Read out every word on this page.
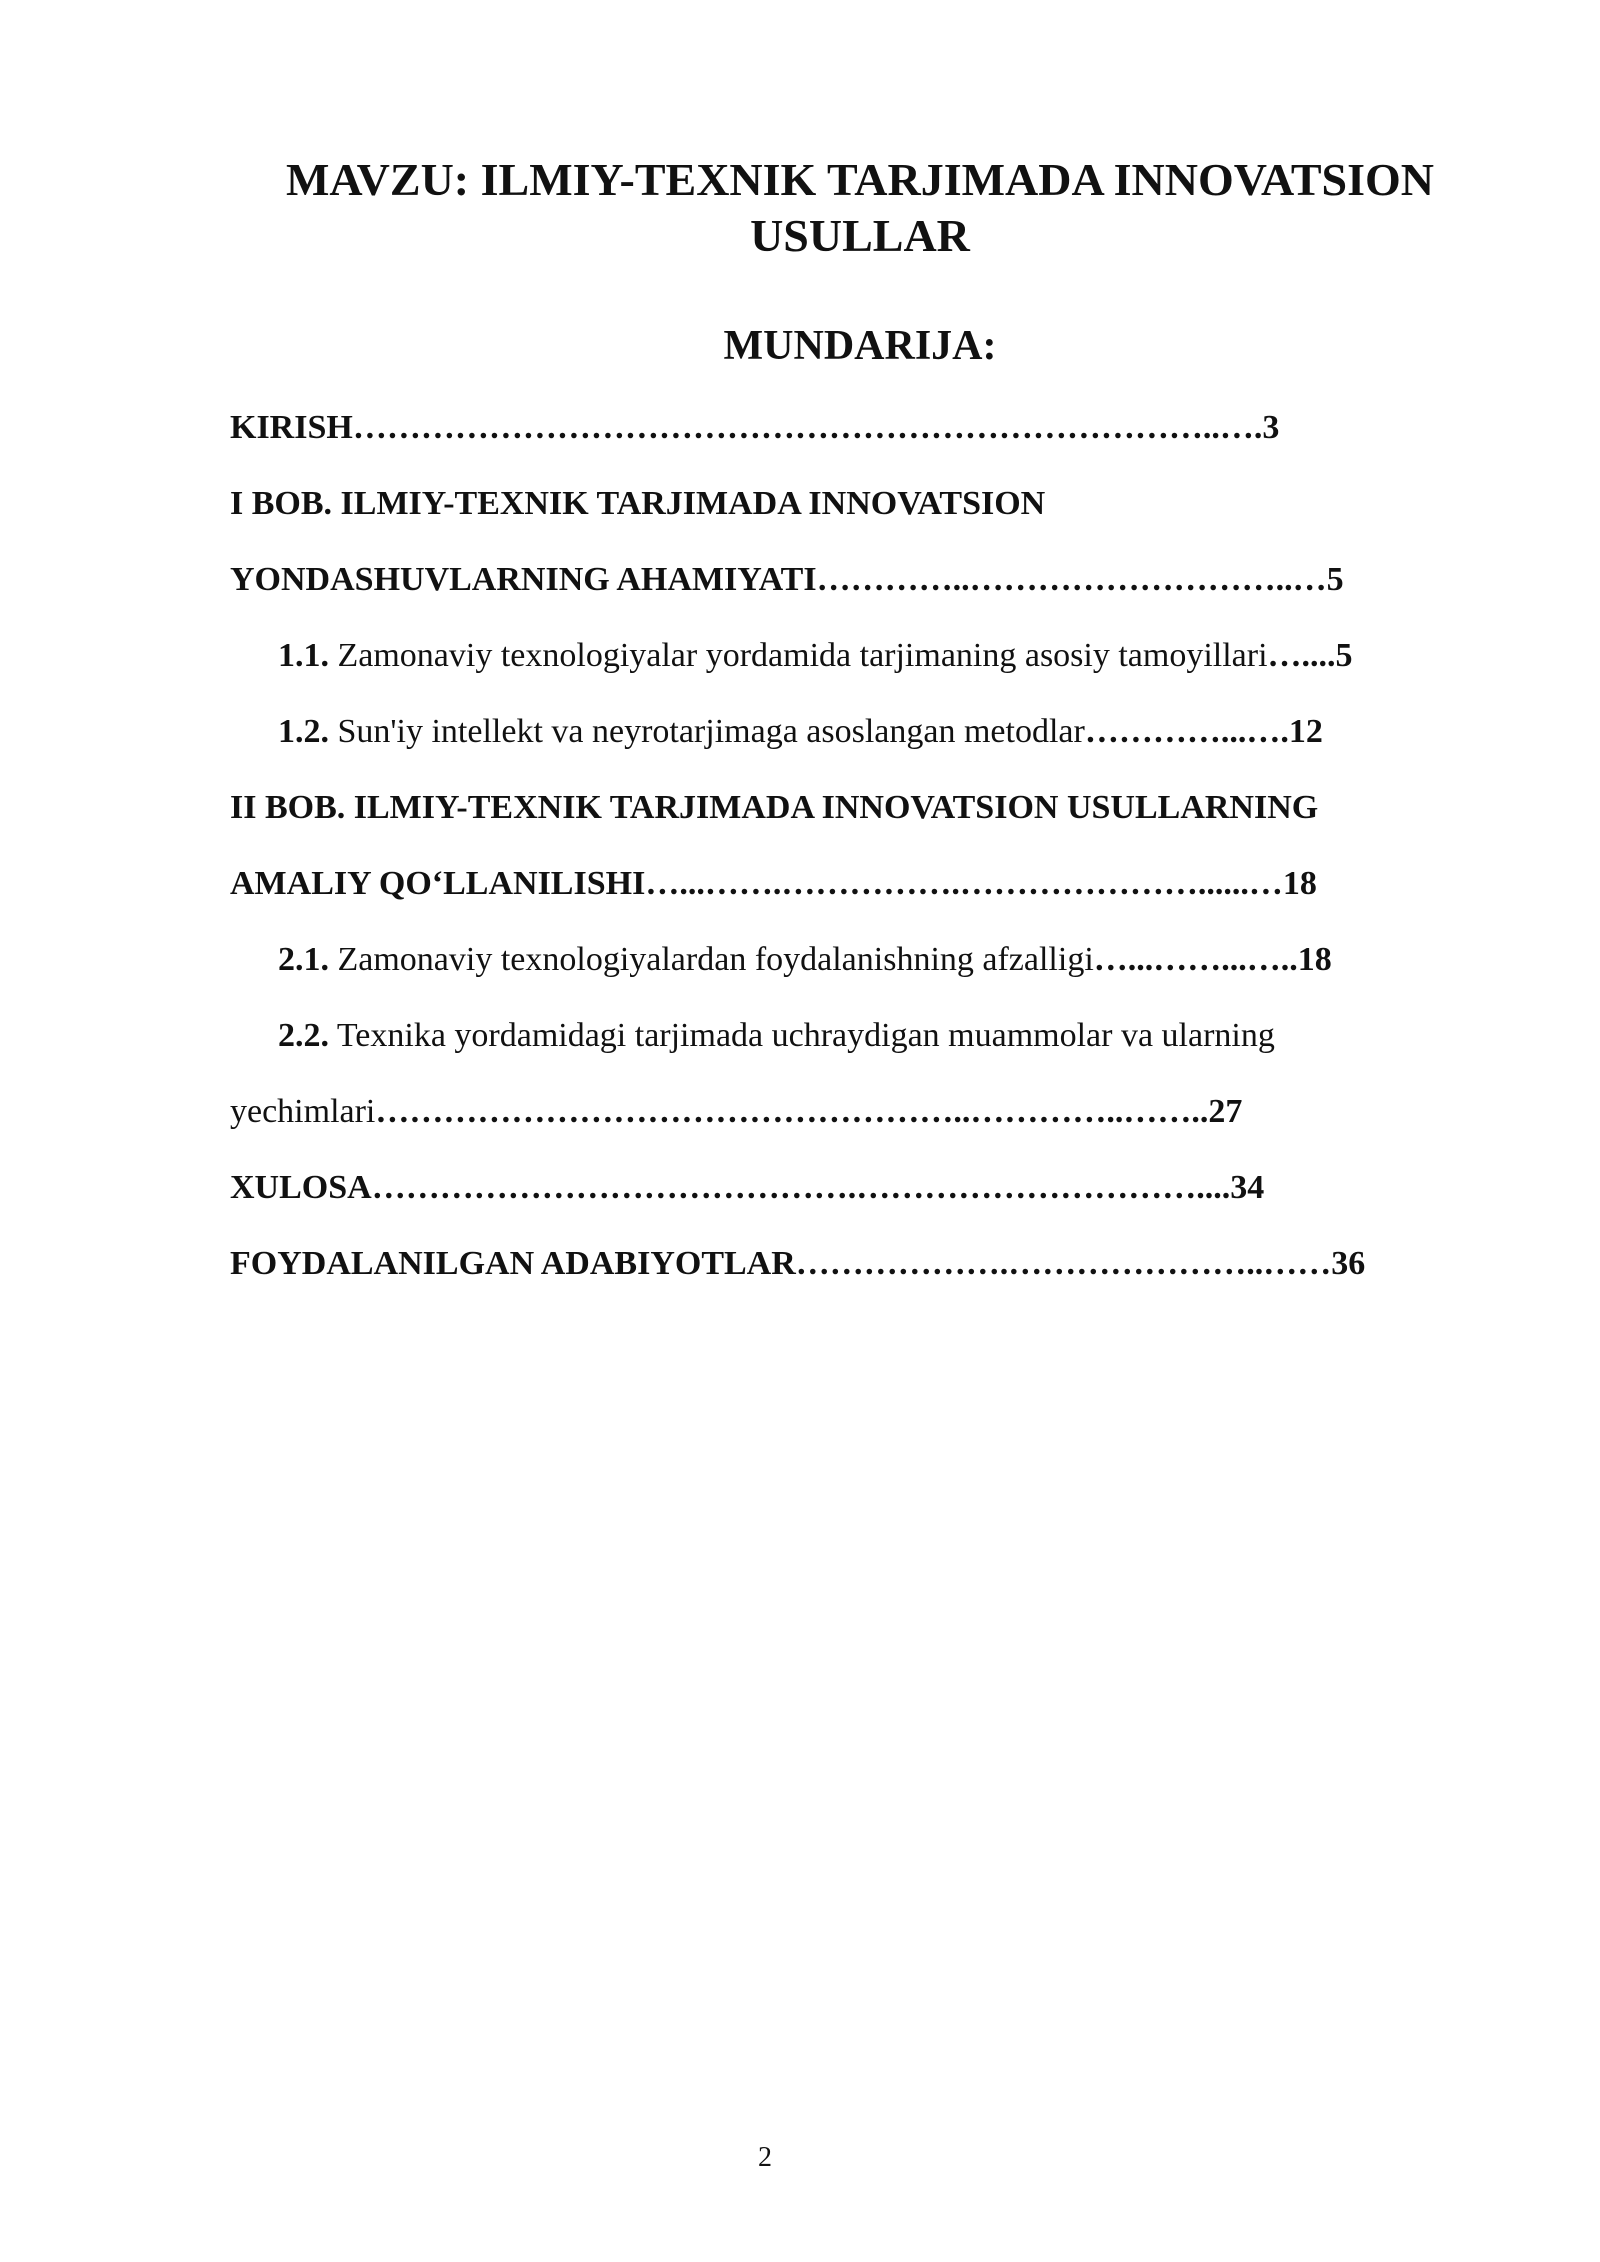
MAVZU: ILMIY-TEXNIK TARJIMADA INNOVATSION USULLAR
MUNDARIJA:
KIRISH…………………………………………………………………..….3
I BOB. ILMIY-TEXNIK TARJIMADA INNOVATSION
YONDASHUVLARNING AHAMIYATI…………..………………………..…5
1.1. Zamonaviy texnologiyalar yordamida tarjimaning asosiy tamoyillari…....5
1.2. Sun'iy intellekt va neyrotarjimaga asoslangan metodlar…………...….12
II BOB. ILMIY-TEXNIK TARJIMADA INNOVATSION USULLARNING
AMALIY QO‘LLANILISHI…...…….…………….…………………......…18
2.1. Zamonaviy texnologiyalardan foydalanishning afzalligi…...……...…..18
2.2. Texnika yordamidagi tarjimada uchraydigan muammolar va ularning
yechimlari……………………………………………..…………..……..27
XULOSA…………………………………….…………………………....34
FOYDALANILGAN ADABIYOTLAR……………….…………………..……36
2
